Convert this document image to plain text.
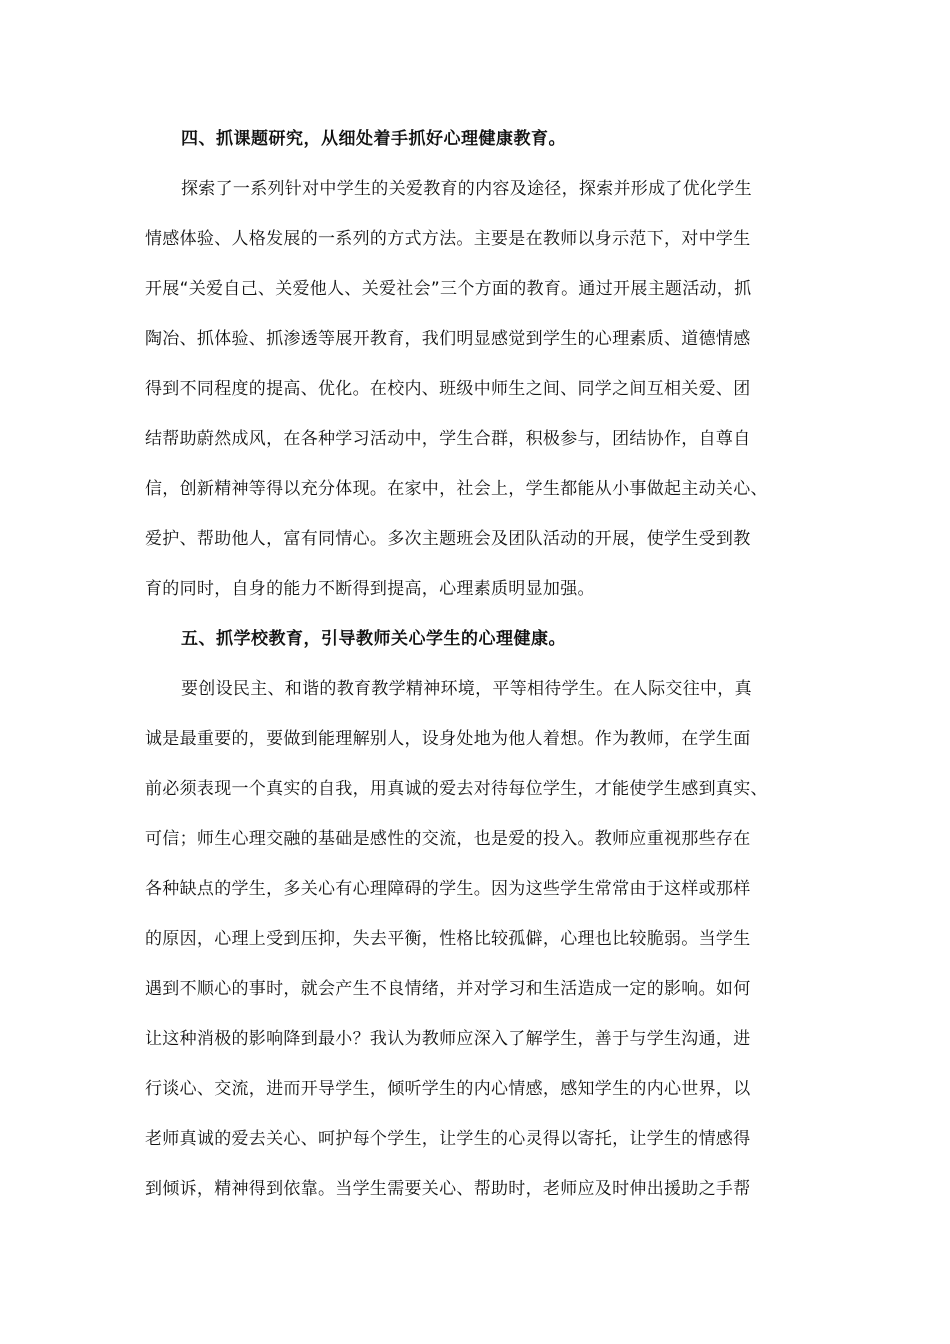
四、抓课题研究，从细处着手抓好心理健康教育。

探索了一系列针对中学生的关爱教育的内容及途径，探索并形成了优化学生
情感体验、人格发展的一系列的方式方法。主要是在教师以身示范下，对中学生
开展“关爱自己、关爱他人、关爱社会”三个方面的教育。通过开展主题活动，抓
陶冶、抓体验、抓渗透等展开教育，我们明显感觉到学生的心理素质、道德情感
得到不同程度的提高、优化。在校内、班级中师生之间、同学之间互相关爱、团
结帮助蔚然成风，在各种学习活动中，学生合群，积极参与，团结协作，自尊自
信，创新精神等得以充分体现。在家中，社会上，学生都能从小事做起主动关心、
爱护、帮助他人，富有同情心。多次主题班会及团队活动的开展，使学生受到教
育的同时，自身的能力不断得到提高，心理素质明显加强。

五、抓学校教育，引导教师关心学生的心理健康。

要创设民主、和谐的教育教学精神环境，平等相待学生。在人际交往中，真
诚是最重要的，要做到能理解别人，设身处地为他人着想。作为教师，在学生面
前必须表现一个真实的自我，用真诚的爱去对待每位学生，才能使学生感到真实、
可信；师生心理交融的基础是感性的交流，也是爱的投入。教师应重视那些存在
各种缺点的学生，多关心有心理障碍的学生。因为这些学生常常由于这样或那样
的原因，心理上受到压抑，失去平衡，性格比较孤僻，心理也比较脆弱。当学生
遇到不顺心的事时，就会产生不良情绪，并对学习和生活造成一定的影响。如何
让这种消极的影响降到最小？我认为教师应深入了解学生，善于与学生沟通，进
行谈心、交流，进而开导学生，倾听学生的内心情感，感知学生的内心世界，以
老师真诚的爱去关心、呵护每个学生，让学生的心灵得以寄托，让学生的情感得
到倾诉，精神得到依靠。当学生需要关心、帮助时，老师应及时伸出援助之手帮
